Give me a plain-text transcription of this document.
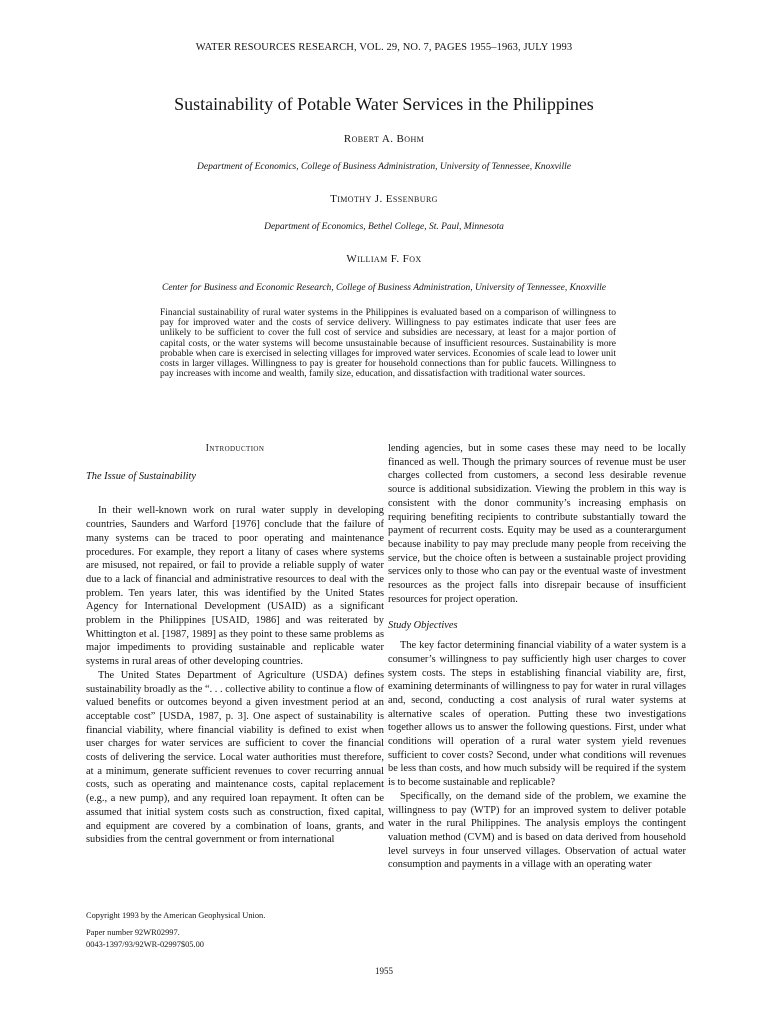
WATER RESOURCES RESEARCH, VOL. 29, NO. 7, PAGES 1955–1963, JULY 1993
Sustainability of Potable Water Services in the Philippines
Robert A. Bohm
Department of Economics, College of Business Administration, University of Tennessee, Knoxville
Timothy J. Essenburg
Department of Economics, Bethel College, St. Paul, Minnesota
William F. Fox
Center for Business and Economic Research, College of Business Administration, University of Tennessee, Knoxville
Financial sustainability of rural water systems in the Philippines is evaluated based on a comparison of willingness to pay for improved water and the costs of service delivery. Willingness to pay estimates indicate that user fees are unlikely to be sufficient to cover the full cost of service and subsidies are necessary, at least for a major portion of capital costs, or the water systems will become unsustainable because of insufficient resources. Sustainability is more probable when care is exercised in selecting villages for improved water services. Economies of scale lead to lower unit costs in larger villages. Willingness to pay is greater for household connections than for public faucets. Willingness to pay increases with income and wealth, family size, education, and dissatisfaction with traditional water sources.
Introduction
The Issue of Sustainability

In their well-known work on rural water supply in developing countries, Saunders and Warford [1976] conclude that the failure of many systems can be traced to poor operating and maintenance procedures. For example, they report a litany of cases where systems are misused, not repaired, or fail to provide a reliable supply of water due to a lack of financial and administrative resources to deal with the problem. Ten years later, this was identified by the United States Agency for International Development (USAID) as a significant problem in the Philippines [USAID, 1986] and was reiterated by Whittington et al. [1987, 1989] as they point to these same problems as major impediments to providing sustainable and replicable water systems in rural areas of other developing countries.

The United States Department of Agriculture (USDA) defines sustainability broadly as the “. . . collective ability to continue a flow of valued benefits or outcomes beyond a given investment period at an acceptable cost” [USDA, 1987, p. 3]. One aspect of sustainability is financial viability, where financial viability is defined to exist when user charges for water services are sufficient to cover the financial costs of delivering the service. Local water authorities must therefore, at a minimum, generate sufficient revenues to cover recurring annual costs, such as operating and maintenance costs, capital replacement (e.g., a new pump), and any required loan repayment. It often can be assumed that initial system costs such as construction, fixed capital, and equipment are covered by a combination of loans, grants, and subsidies from the central government or from international

lending agencies, but in some cases these may need to be locally financed as well. Though the primary sources of revenue must be user charges collected from customers, a second less desirable revenue source is additional subsidization. Viewing the problem in this way is consistent with the donor community’s increasing emphasis on requiring benefiting recipients to contribute substantially toward the payment of recurrent costs. Equity may be used as a counterargument because inability to pay may preclude many people from receiving the service, but the choice often is between a sustainable project providing services only to those who can pay or the eventual waste of investment resources as the project falls into disrepair because of insufficient resources for project operation.

Study Objectives

The key factor determining financial viability of a water system is a consumer’s willingness to pay sufficiently high user charges to cover system costs. The steps in establishing financial viability are, first, examining determinants of willingness to pay for water in rural villages and, second, conducting a cost analysis of rural water systems at alternative scales of operation. Putting these two investigations together allows us to answer the following questions. First, under what conditions will operation of a rural water system yield revenues sufficient to cover costs? Second, under what conditions will revenues be less than costs, and how much subsidy will be required if the system is to become sustainable and replicable?

Specifically, on the demand side of the problem, we examine the willingness to pay (WTP) for an improved system to deliver potable water in the rural Philippines. The analysis employs the contingent valuation method (CVM) and is based on data derived from household level surveys in four unserved villages. Observation of actual water consumption and payments in a village with an operating water

Copyright 1993 by the American Geophysical Union.
Paper number 92WR02997.
0043-1397/93/92WR-02997$05.00
1955
